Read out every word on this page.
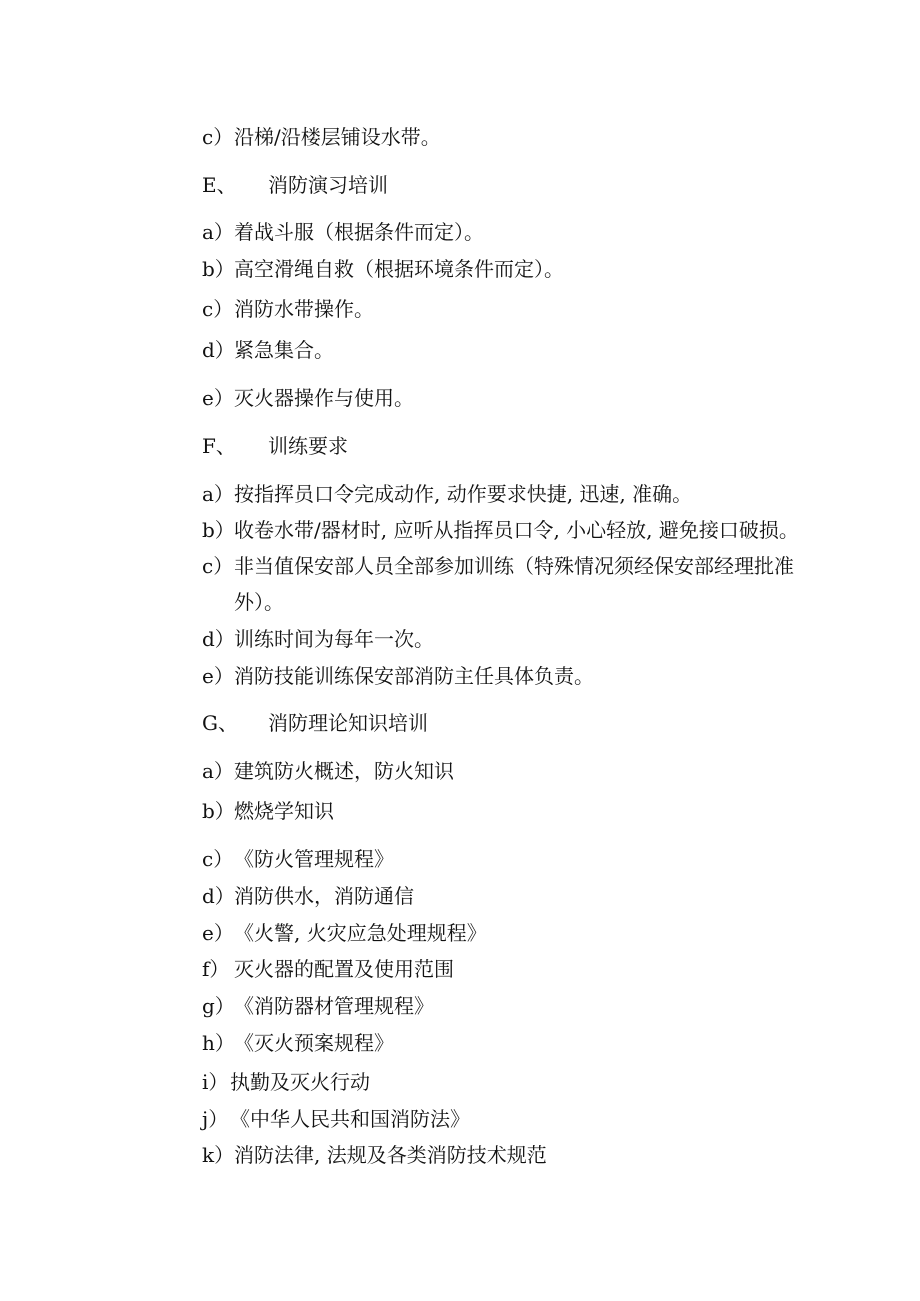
c） 沿梯/沿楼层铺设水带。
E、 消防演习培训
a） 着战斗服（根据条件而定）。
b） 高空滑绳自救（根据环境条件而定）。
c） 消防水带操作。
d） 紧急集合。
e） 灭火器操作与使用。
F、 训练要求
a） 按指挥员口令完成动作, 动作要求快捷, 迅速, 准确。
b） 收卷水带/器材时, 应听从指挥员口令, 小心轻放, 避免接口破损。
c） 非当值保安部人员全部参加训练（特殊情况须经保安部经理批准
外）。
d） 训练时间为每年一次。
e） 消防技能训练保安部消防主任具体负责。
G、 消防理论知识培训
a） 建筑防火概述，防火知识
b） 燃烧学知识
c） 《防火管理规程》
d） 消防供水，消防通信
e） 《火警, 火灾应急处理规程》
f） 灭火器的配置及使用范围
g） 《消防器材管理规程》
h） 《灭火预案规程》
i） 执勤及灭火行动
j） 《中华人民共和国消防法》
k） 消防法律, 法规及各类消防技术规范
